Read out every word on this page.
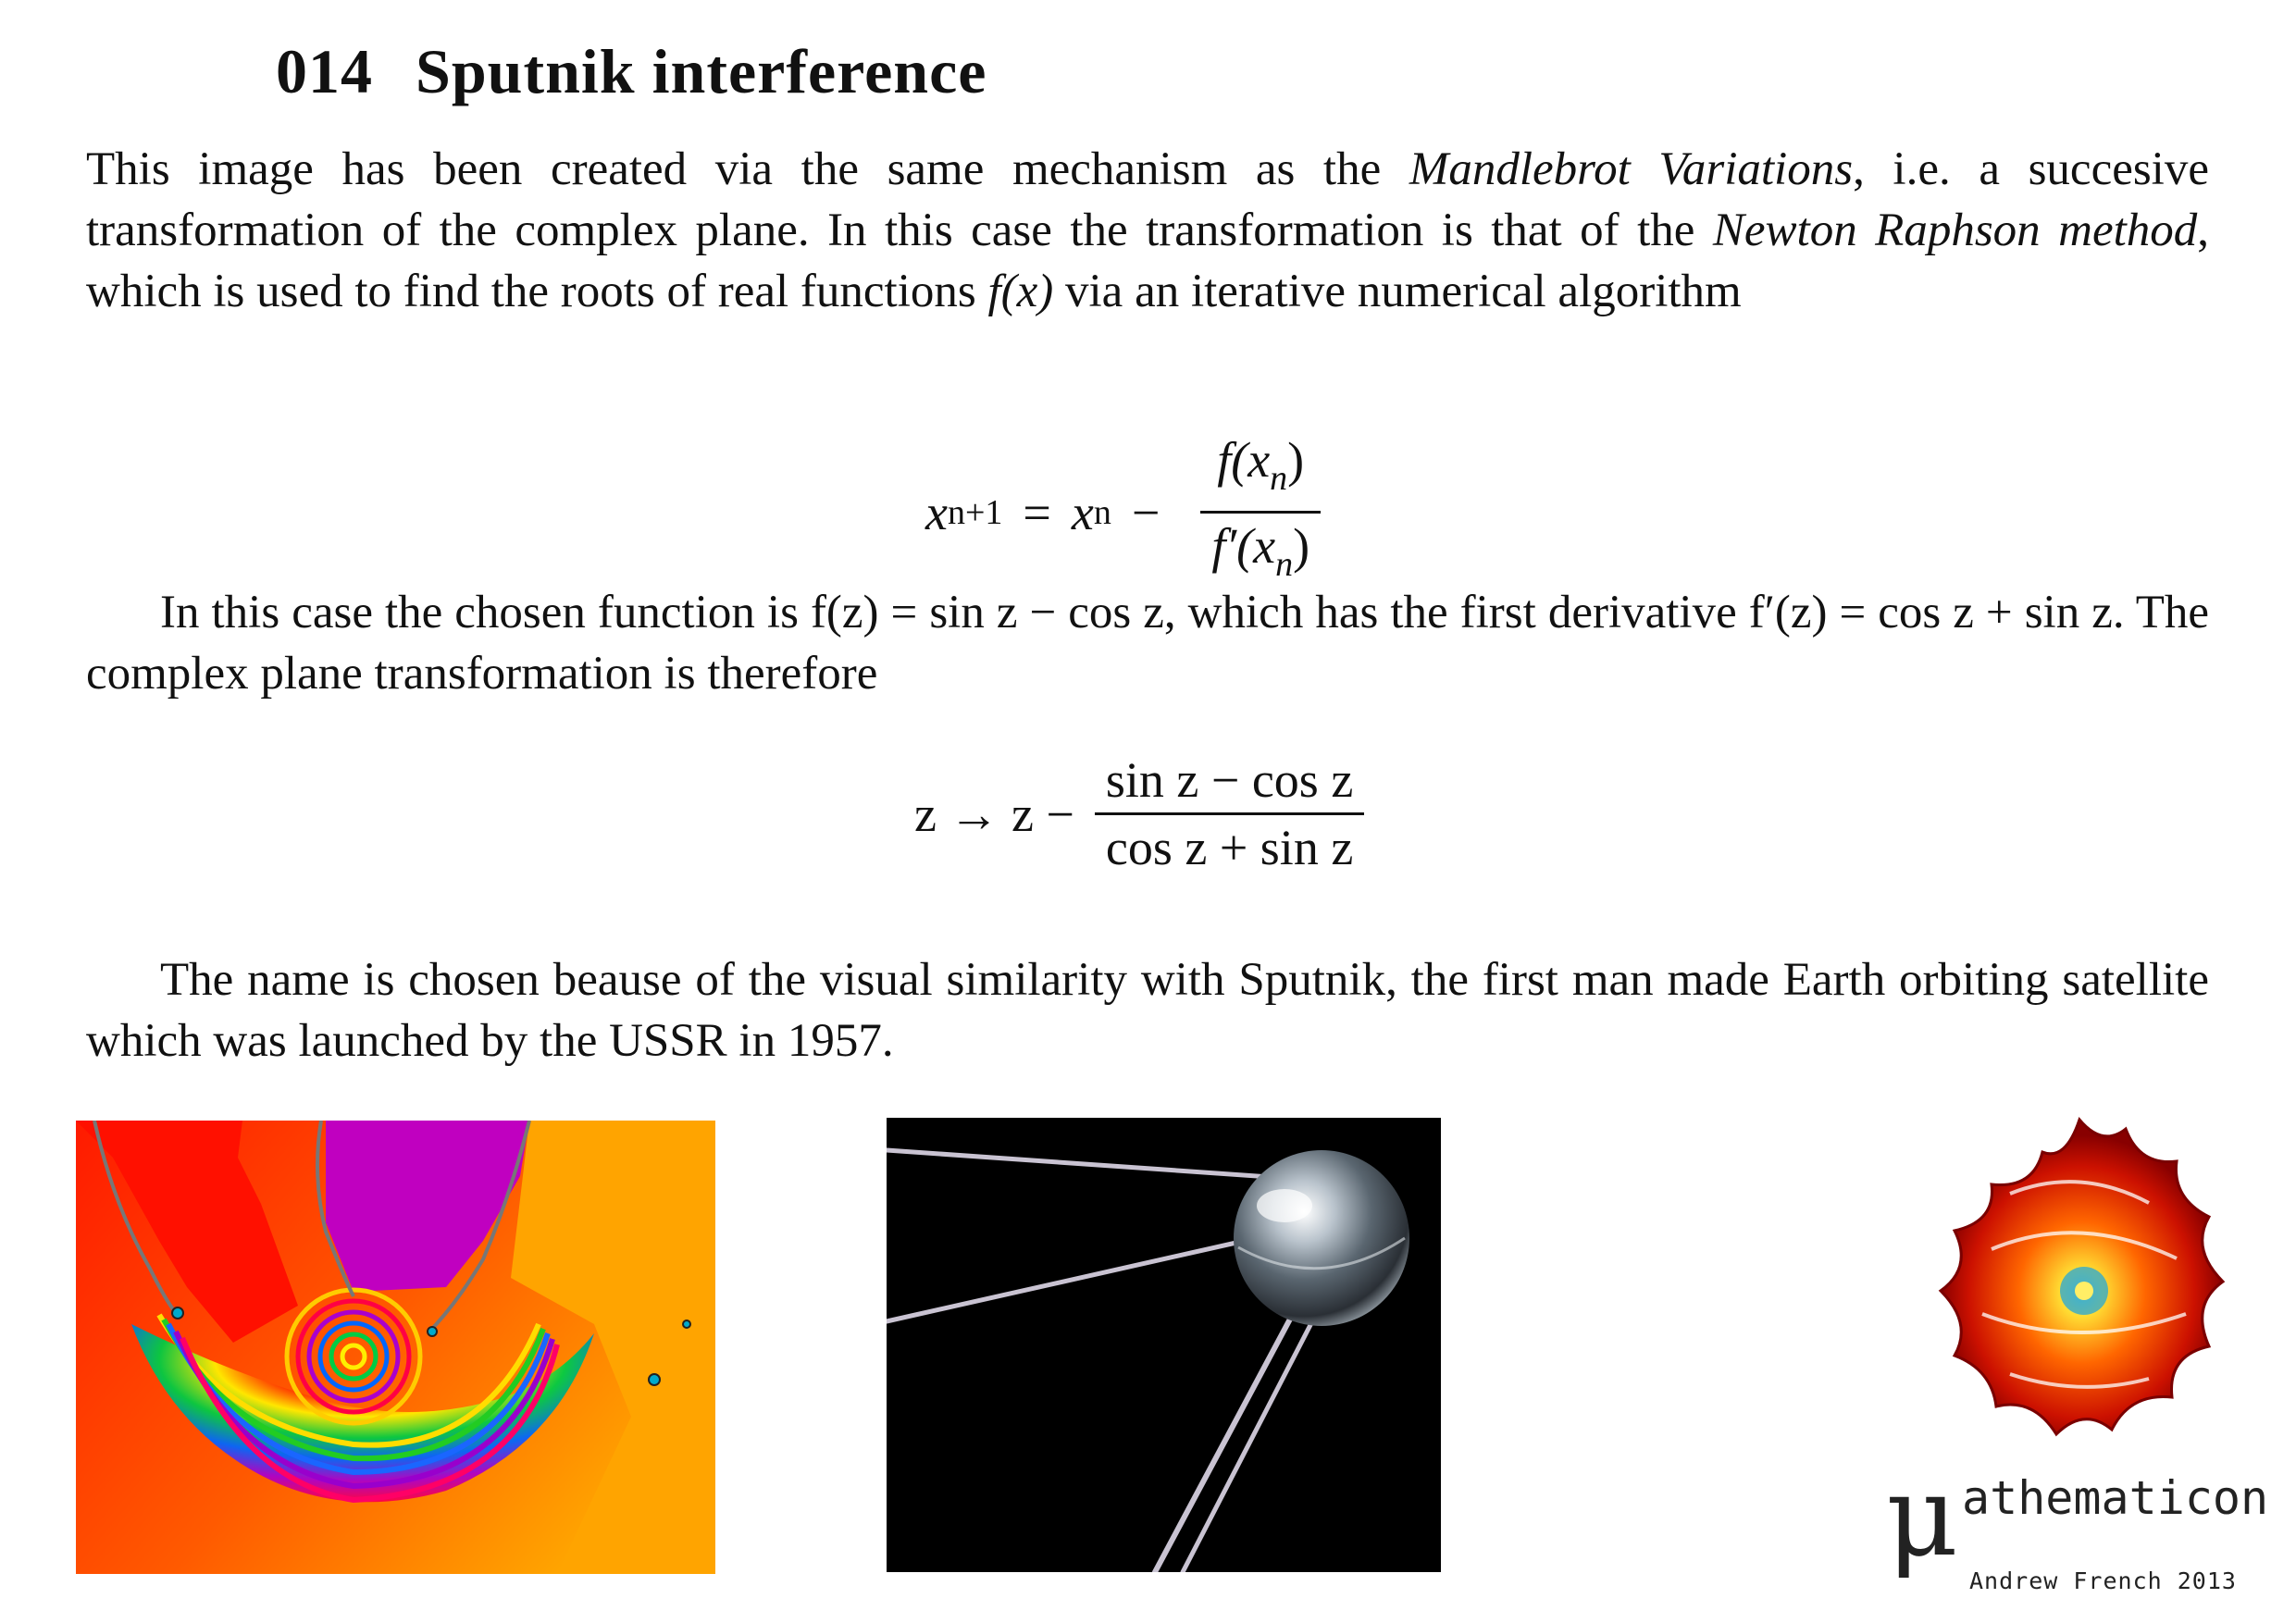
014 Sputnik interference
This image has been created via the same mechanism as the Mandlebrot Variations, i.e. a succesive transformation of the complex plane. In this case the transformation is that of the Newton Raphson method, which is used to find the roots of real functions f(x) via an iterative numerical algorithm
x n+1 = x $n - \frac{f(x_n)}{f'(x_n)}$
In this case the chosen function is f(z) = sin z − cos z, which has the first derivative f′(z) = cos z + sin z. The complex plane transformation is therefore
$z \to z - \frac{\text{sin z − cos z}}{\text{cos z + sin z}}$
The name is chosen beause of the visual similarity with Sputnik, the first man made Earth orbiting satellite which was launched by the USSR in 1957.
μ athematicon
Andrew French 2013
